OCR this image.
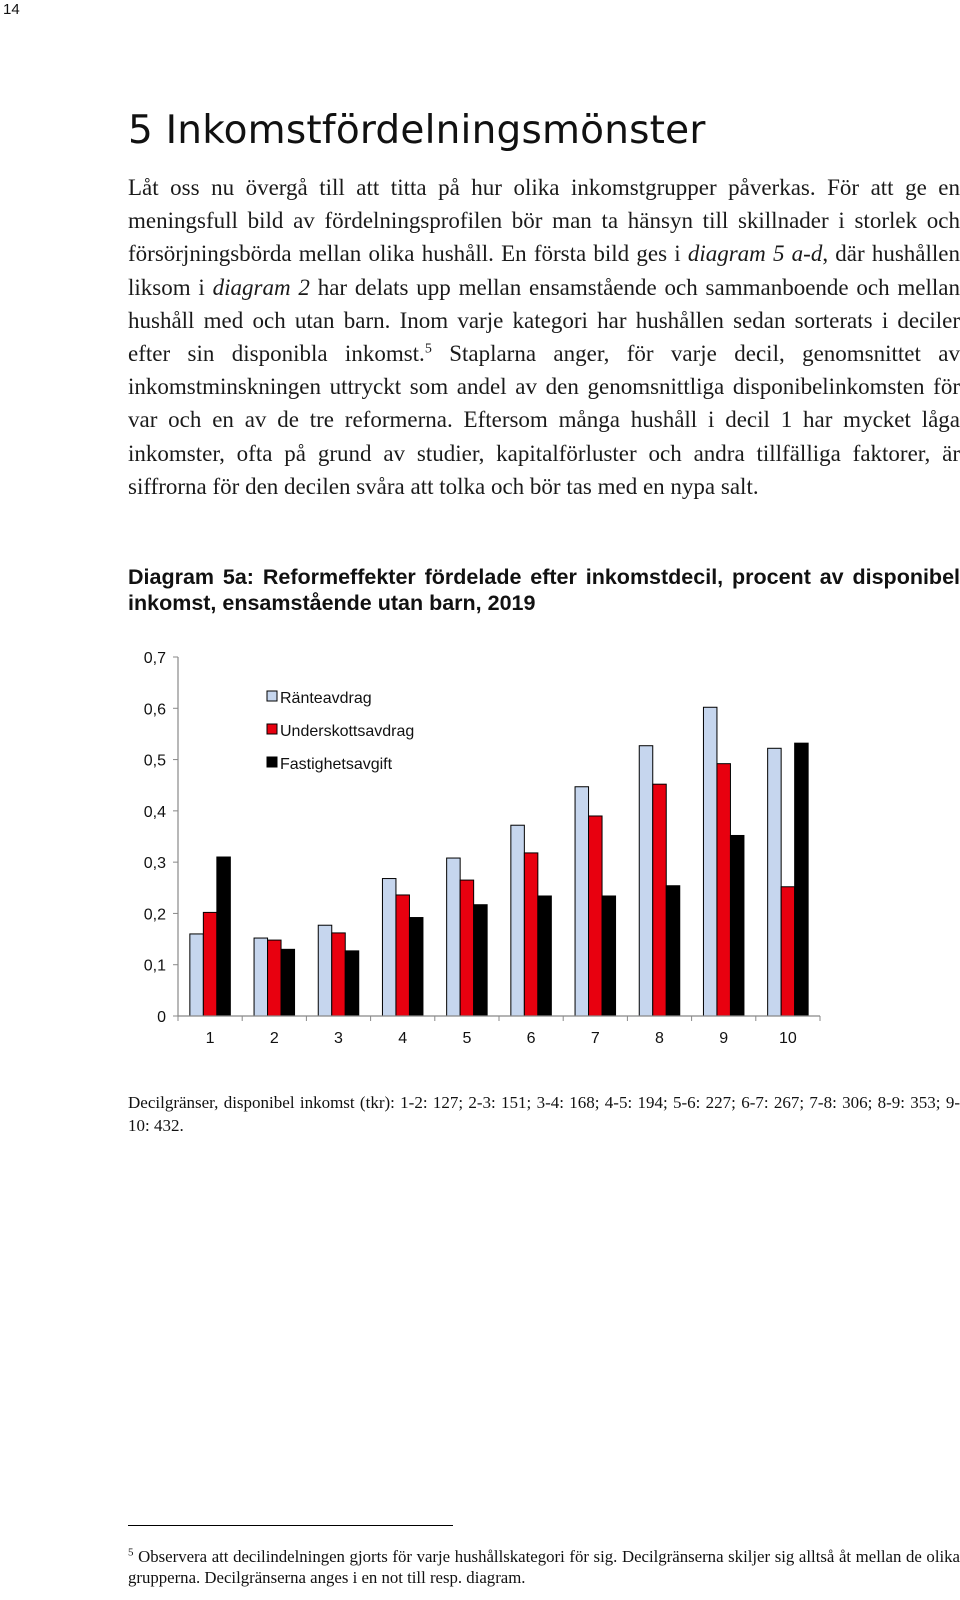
14
5 Inkomstfördelningsmönster

Låt oss nu övergå till att titta på hur olika inkomstgrupper påverkas. För att ge en meningsfull bild av fördelningsprofilen bör man ta hänsyn till skillnader i storlek och försörjningsbörda mellan olika hushåll. En första bild ges i diagram 5 a-d, där hushållen liksom i diagram 2 har delats upp mellan ensamstående och sammanboende och mellan hushåll med och utan barn. Inom varje kategori har hushållen sedan sorterats i deciler efter sin disponibla inkomst.$^5$ Staplarna anger, för varje decil, genomsnittet av inkomstminskningen uttryckt som andel av den genomsnittliga disponibelinkomsten för var och en av de tre reformerna. Eftersom många hushåll i decil 1 har mycket låga inkomster, ofta på grund av studier, kapitalförluster och andra tillfälliga faktorer, är siffrorna för den decilen svåra att tolka och bör tas med en nypa salt.

Diagram 5a: Reformeffekter fördelade efter inkomstdecil, procent av disponibel inkomst, ensamstående utan barn, 2019

Ränteavdrag
Underskottsavdrag
Fastighetsavgift
0
0,1
0,2
0,3
0,4
0,5
0,6
0,7
1	2	3	4	5	6	7	8	9	10

Decilgränser, disponibel inkomst (tkr): 1-2: 127; 2-3: 151; 3-4: 168; 4-5: 194; 5-6: 227; 6-7: 267; 7-8: 306; 8-9: 353; 9-10: 432.

$^5$ Observera att decilindelningen gjorts för varje hushållskategori för sig. Decilgränserna skiljer sig alltså åt mellan de olika grupperna. Decilgränserna anges i en not till resp. diagram.
